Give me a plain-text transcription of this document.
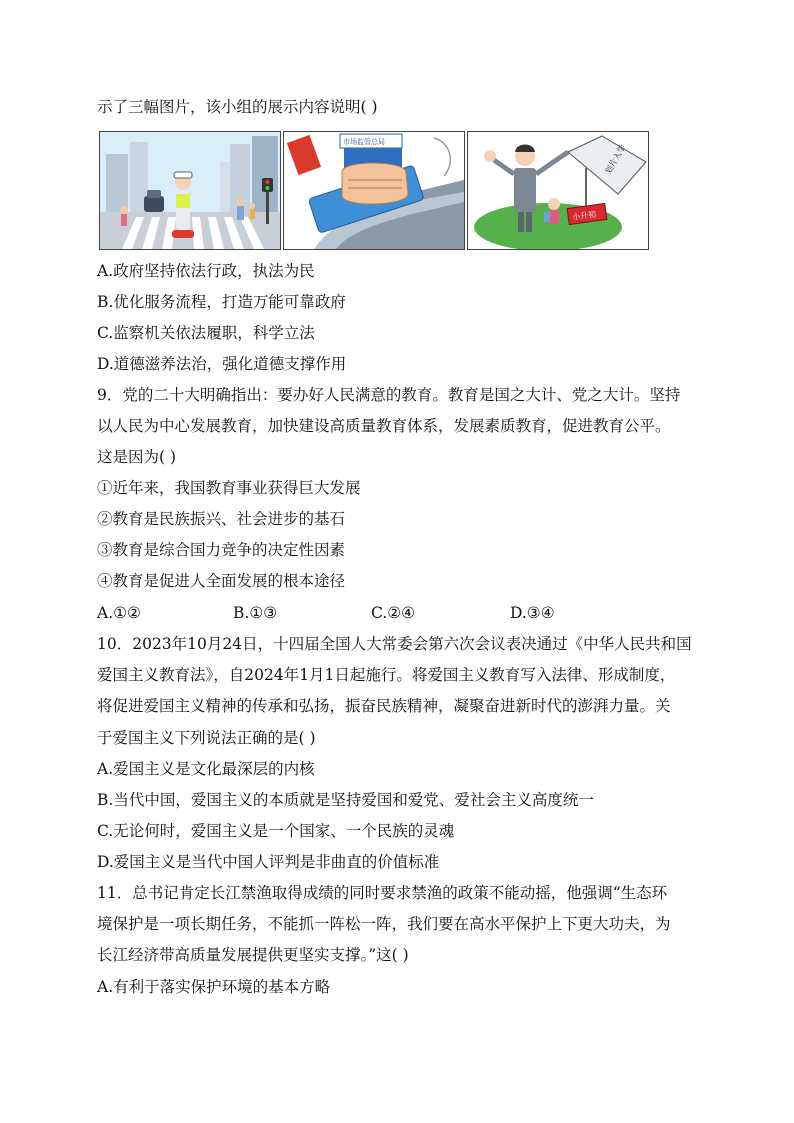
示了三幅图片，该小组的展示内容说明( )
市场监管总局
划片入学
小升初
A.政府坚持依法行政，执法为民
B.优化服务流程，打造万能可靠政府
C.监察机关依法履职，科学立法
D.道德滋养法治，强化道德支撑作用
9．党的二十大明确指出：要办好人民满意的教育。教育是国之大计、党之大计。坚持
以人民为中心发展教育，加快建设高质量教育体系，发展素质教育，促进教育公平。
这是因为( )
①近年来，我国教育事业获得巨大发展
②教育是民族振兴、社会进步的基石
③教育是综合国力竞争的决定性因素
④教育是促进人全面发展的根本途径
A.①②	B.①③	C.②④	D.③④
10．2023年10月24日，十四届全国人大常委会第六次会议表决通过《中华人民共和国
爱国主义教育法》，自2024年1月1日起施行。将爱国主义教育写入法律、形成制度，
将促进爱国主义精神的传承和弘扬，振奋民族精神，凝聚奋进新时代的澎湃力量。关
于爱国主义下列说法正确的是( )
A.爱国主义是文化最深层的内核
B.当代中国，爱国主义的本质就是坚持爱国和爱党、爱社会主义高度统一
C.无论何时，爱国主义是一个国家、一个民族的灵魂
D.爱国主义是当代中国人评判是非曲直的价值标准
11．总书记肯定长江禁渔取得成绩的同时要求禁渔的政策不能动摇，他强调“生态环
境保护是一项长期任务，不能抓一阵松一阵，我们要在高水平保护上下更大功夫，为
长江经济带高质量发展提供更坚实支撑。”这( )
A.有利于落实保护环境的基本方略
